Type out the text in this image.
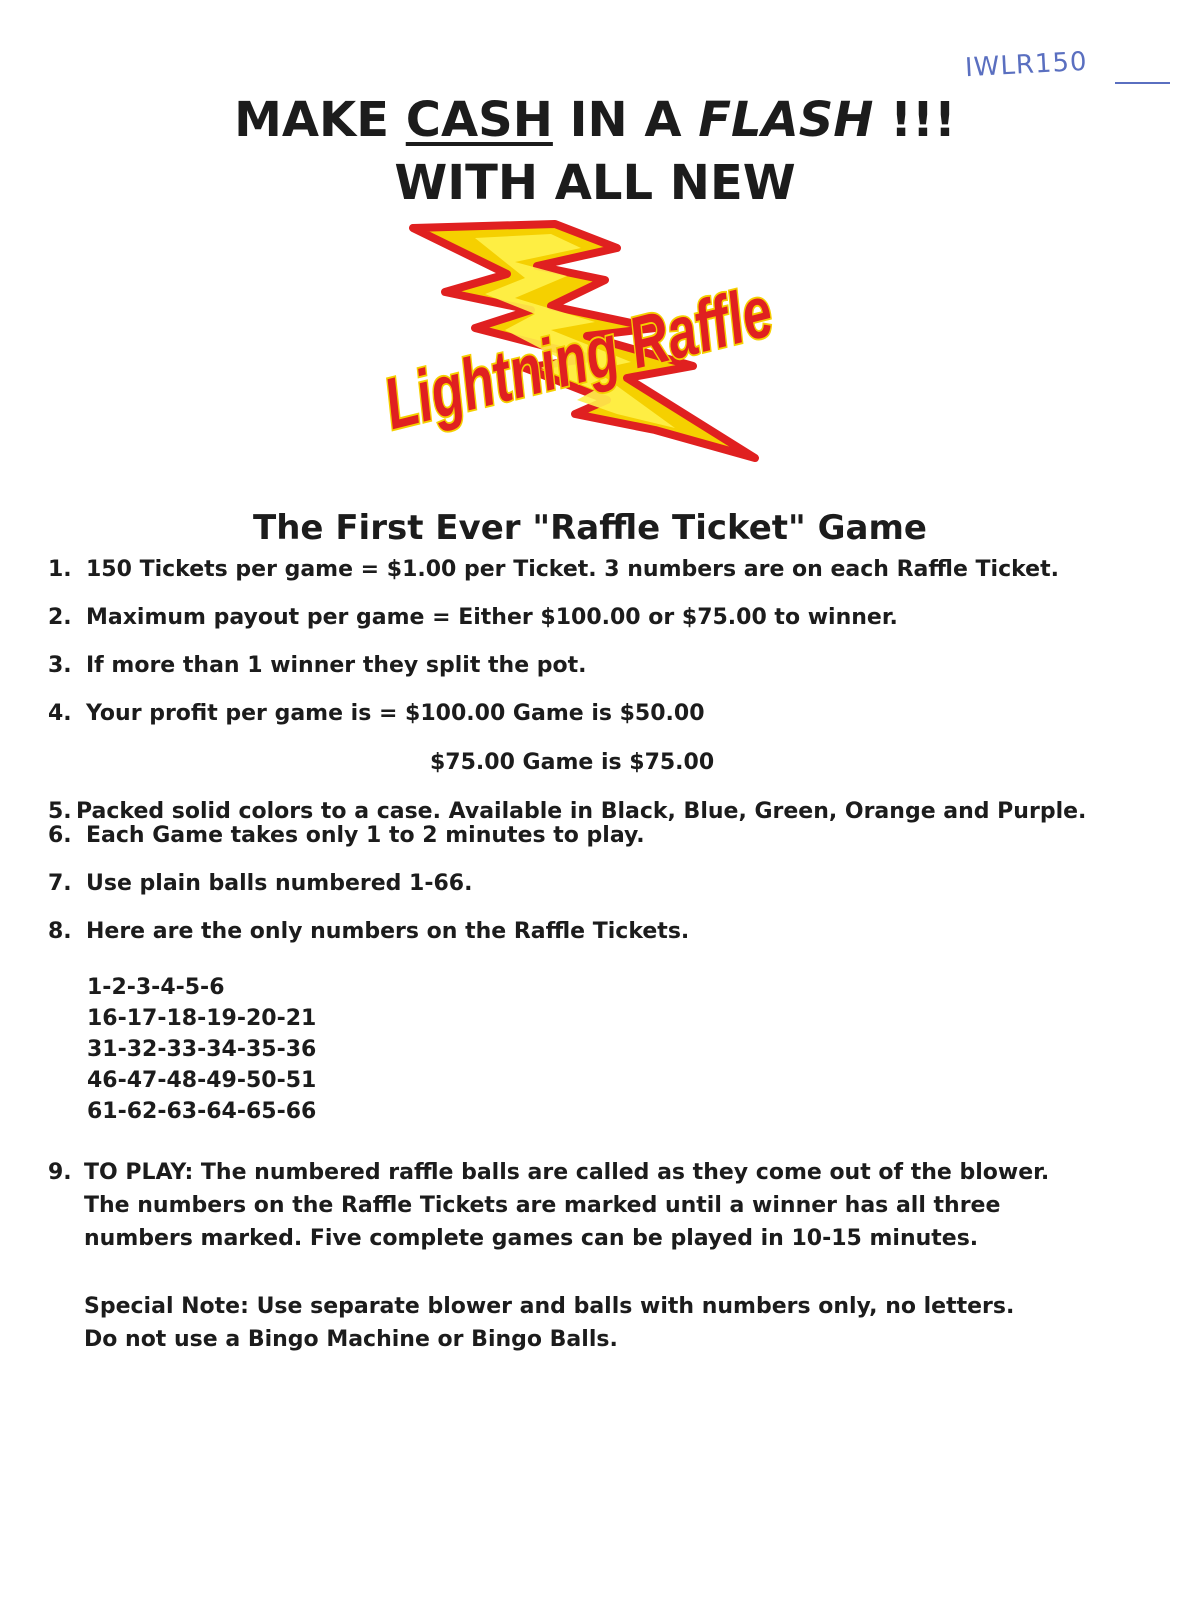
IWLR150
MAKE CASH IN A FLASH !!!
WITH ALL NEW
Lightning Raffle
The First Ever "Raffle Ticket" Game
1. 150 Tickets per game = $1.00 per Ticket. 3 numbers are on each Raffle Ticket.
2. Maximum payout per game = Either $100.00 or $75.00 to winner.
3. If more than 1 winner they split the pot.
4. Your profit per game is = $100.00 Game is $50.00
$75.00 Game is $75.00
5. Packed solid colors to a case. Available in Black, Blue, Green, Orange and Purple.
6. Each Game takes only 1 to 2 minutes to play.
7. Use plain balls numbered 1-66.
8. Here are the only numbers on the Raffle Tickets.
1-2-3-4-5-6
16-17-18-19-20-21
31-32-33-34-35-36
46-47-48-49-50-51
61-62-63-64-65-66
9. TO PLAY: The numbered raffle balls are called as they come out of the blower.
The numbers on the Raffle Tickets are marked until a winner has all three
numbers marked. Five complete games can be played in 10-15 minutes.
Special Note: Use separate blower and balls with numbers only, no letters.
Do not use a Bingo Machine or Bingo Balls.
